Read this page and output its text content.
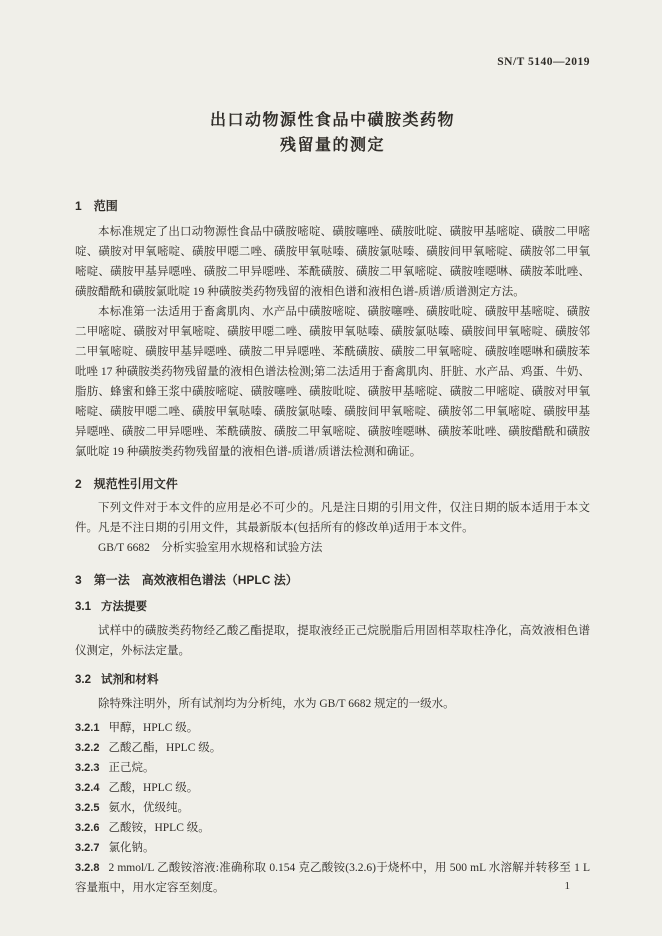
SN/T 5140—2019
出口动物源性食品中磺胺类药物
残留量的测定
1 范围

本标准规定了出口动物源性食品中磺胺嘧啶、磺胺噻唑、磺胺吡啶、磺胺甲基嘧啶、磺胺二甲嘧啶、磺胺对甲氧嘧啶、磺胺甲噁二唑、磺胺甲氧哒嗪、磺胺氯哒嗪、磺胺间甲氧嘧啶、磺胺邻二甲氧嘧啶、磺胺甲基异噁唑、磺胺二甲异噁唑、苯酰磺胺、磺胺二甲氧嘧啶、磺胺喹噁啉、磺胺苯吡唑、磺胺醋酰和磺胺氯吡啶 19 种磺胺类药物残留的液相色谱和液相色谱-质谱/质谱测定方法。

本标准第一法适用于畜禽肌肉、水产品中磺胺嘧啶、磺胺噻唑、磺胺吡啶、磺胺甲基嘧啶、磺胺二甲嘧啶、磺胺对甲氧嘧啶、磺胺甲噁二唑、磺胺甲氧哒嗪、磺胺氯哒嗪、磺胺间甲氧嘧啶、磺胺邻二甲氧嘧啶、磺胺甲基异噁唑、磺胺二甲异噁唑、苯酰磺胺、磺胺二甲氧嘧啶、磺胺喹噁啉和磺胺苯吡唑 17 种磺胺类药物残留量的液相色谱法检测;第二法适用于畜禽肌肉、肝脏、水产品、鸡蛋、牛奶、脂肪、蜂蜜和蜂王浆中磺胺嘧啶、磺胺噻唑、磺胺吡啶、磺胺甲基嘧啶、磺胺二甲嘧啶、磺胺对甲氧嘧啶、磺胺甲噁二唑、磺胺甲氧哒嗪、磺胺氯哒嗪、磺胺间甲氧嘧啶、磺胺邻二甲氧嘧啶、磺胺甲基异噁唑、磺胺二甲异噁唑、苯酰磺胺、磺胺二甲氧嘧啶、磺胺喹噁啉、磺胺苯吡唑、磺胺醋酰和磺胺氯吡啶 19 种磺胺类药物残留量的液相色谱-质谱/质谱法检测和确证。

2 规范性引用文件

下列文件对于本文件的应用是必不可少的。凡是注日期的引用文件，仅注日期的版本适用于本文件。凡是不注日期的引用文件，其最新版本(包括所有的修改单)适用于本文件。

GB/T 6682　分析实验室用水规格和试验方法

3 第一法　高效液相色谱法（HPLC 法）
3.1 方法提要

试样中的磺胺类药物经乙酸乙酯提取，提取液经正己烷脱脂后用固相萃取柱净化，高效液相色谱仪测定，外标法定量。

3.2 试剂和材料

除特殊注明外，所有试剂均为分析纯，水为 GB/T 6682 规定的一级水。

3.2.1 甲醇，HPLC 级。

3.2.2 乙酸乙酯，HPLC 级。

3.2.3 正己烷。

3.2.4 乙酸，HPLC 级。

3.2.5 氨水，优级纯。

3.2.6 乙酸铵，HPLC 级。

3.2.7 氯化钠。

3.2.8 2 mmol/L 乙酸铵溶液:准确称取 0.154 克乙酸铵(3.2.6)于烧杯中，用 500 mL 水溶解并转移至 1 L 容量瓶中，用水定容至刻度。	1
